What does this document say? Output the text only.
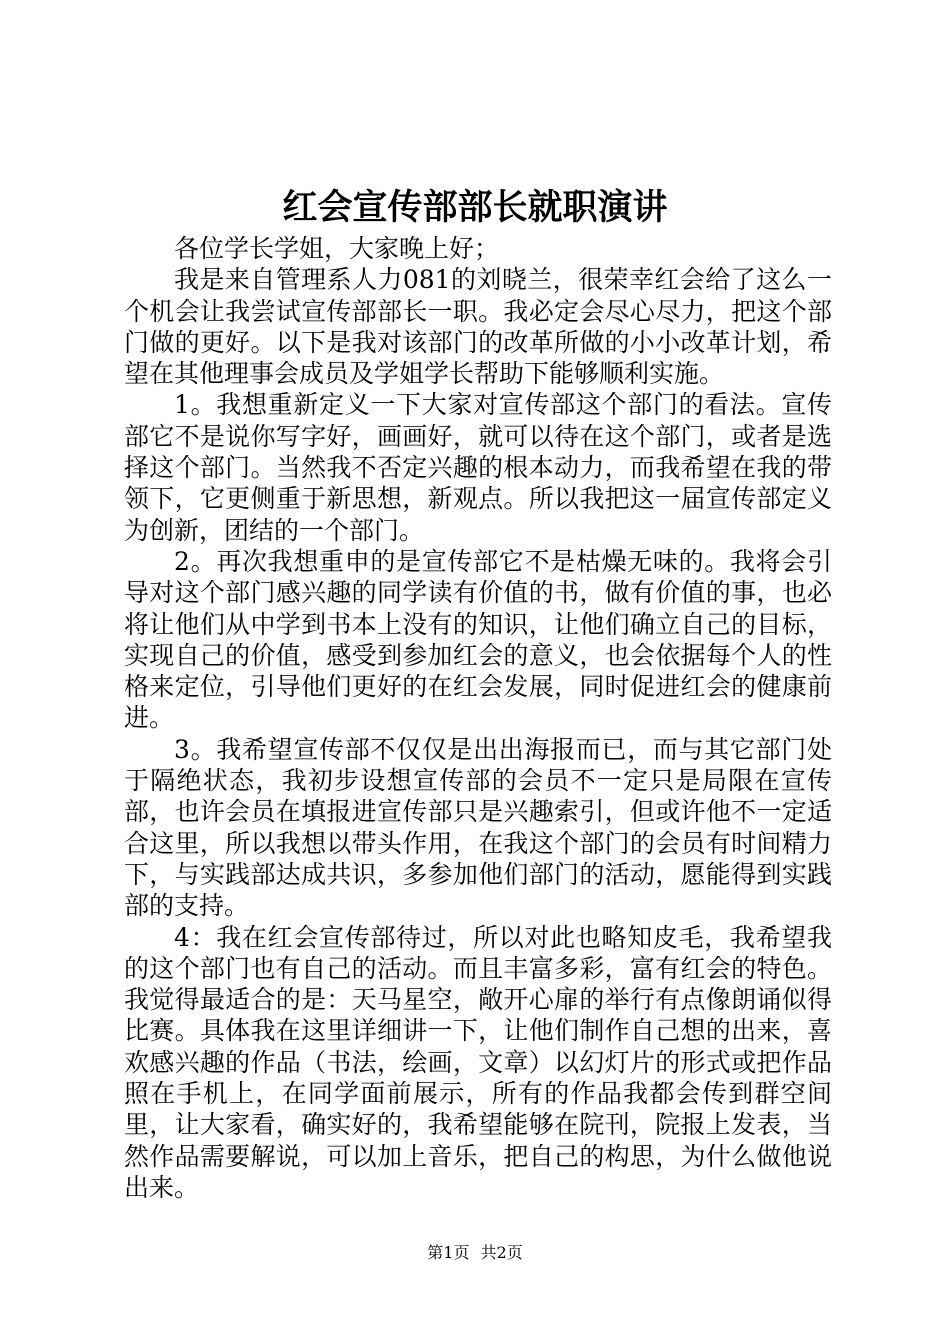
红会宣传部部长就职演讲

各位学长学姐，大家晚上好；

我是来自管理系人力081的刘晓兰，很荣幸红会给了这么一个机会让我尝试宣传部部长一职。我必定会尽心尽力，把这个部门做的更好。以下是我对该部门的改革所做的小小改革计划，希望在其他理事会成员及学姐学长帮助下能够顺利实施。

1。我想重新定义一下大家对宣传部这个部门的看法。宣传部它不是说你写字好，画画好，就可以待在这个部门，或者是选择这个部门。当然我不否定兴趣的根本动力，而我希望在我的带领下，它更侧重于新思想，新观点。所以我把这一届宣传部定义为创新，团结的一个部门。

2。再次我想重申的是宣传部它不是枯燥无味的。我将会引导对这个部门感兴趣的同学读有价值的书，做有价值的事，也必将让他们从中学到书本上没有的知识，让他们确立自己的目标，实现自己的价值，感受到参加红会的意义，也会依据每个人的性格来定位，引导他们更好的在红会发展，同时促进红会的健康前进。

3。我希望宣传部不仅仅是出出海报而已，而与其它部门处于隔绝状态，我初步设想宣传部的会员不一定只是局限在宣传部，也许会员在填报进宣传部只是兴趣索引，但或许他不一定适合这里，所以我想以带头作用，在我这个部门的会员有时间精力下，与实践部达成共识，多参加他们部门的活动，愿能得到实践部的支持。

4：我在红会宣传部待过，所以对此也略知皮毛，我希望我的这个部门也有自己的活动。而且丰富多彩，富有红会的特色。我觉得最适合的是：天马星空，敞开心扉的举行有点像朗诵似得比赛。具体我在这里详细讲一下，让他们制作自己想的出来，喜欢感兴趣的作品（书法，绘画，文章）以幻灯片的形式或把作品照在手机上，在同学面前展示，所有的作品我都会传到群空间里，让大家看，确实好的，我希望能够在院刊，院报上发表，当然作品需要解说，可以加上音乐，把自己的构思，为什么做他说出来。

第1页 共2页
